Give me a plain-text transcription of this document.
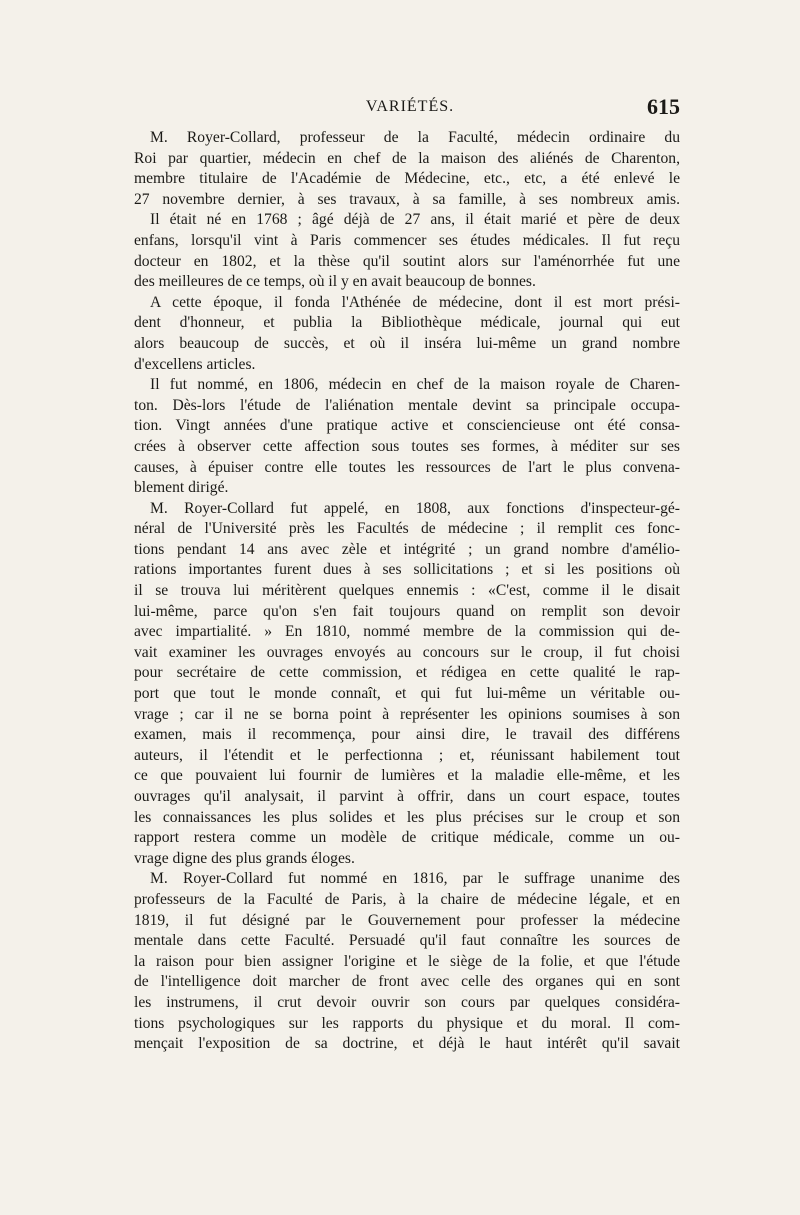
VARIÉTÉS.	615
M. Royer-Collard, professeur de la Faculté, médecin ordinaire du
Roi par quartier, médecin en chef de la maison des aliénés de Charenton,
membre titulaire de l'Académie de Médecine, etc., etc, a été enlevé le
27 novembre dernier, à ses travaux, à sa famille, à ses nombreux amis.
Il était né en 1768 ; âgé déjà de 27 ans, il était marié et père de deux
enfans, lorsqu'il vint à Paris commencer ses études médicales. Il fut reçu
docteur en 1802, et la thèse qu'il soutint alors sur l'aménorrhée fut une
des meilleures de ce temps, où il y en avait beaucoup de bonnes.
A cette époque, il fonda l'Athénée de médecine, dont il est mort prési-
dent d'honneur, et publia la Bibliothèque médicale, journal qui eut
alors beaucoup de succès, et où il inséra lui-même un grand nombre
d'excellens articles.
Il fut nommé, en 1806, médecin en chef de la maison royale de Charen-
ton. Dès-lors l'étude de l'aliénation mentale devint sa principale occupa-
tion. Vingt années d'une pratique active et consciencieuse ont été consa-
crées à observer cette affection sous toutes ses formes, à méditer sur ses
causes, à épuiser contre elle toutes les ressources de l'art le plus convena-
blement dirigé.
M. Royer-Collard fut appelé, en 1808, aux fonctions d'inspecteur-gé-
néral de l'Université près les Facultés de médecine ; il remplit ces fonc-
tions pendant 14 ans avec zèle et intégrité ; un grand nombre d'amélio-
rations importantes furent dues à ses sollicitations ; et si les positions où
il se trouva lui méritèrent quelques ennemis : «C'est, comme il le disait
lui-même, parce qu'on s'en fait toujours quand on remplit son devoir
avec impartialité. » En 1810, nommé membre de la commission qui de-
vait examiner les ouvrages envoyés au concours sur le croup, il fut choisi
pour secrétaire de cette commission, et rédigea en cette qualité le rap-
port que tout le monde connaît, et qui fut lui-même un véritable ou-
vrage ; car il ne se borna point à représenter les opinions soumises à son
examen, mais il recommença, pour ainsi dire, le travail des différens
auteurs, il l'étendit et le perfectionna ; et, réunissant habilement tout
ce que pouvaient lui fournir de lumières et la maladie elle-même, et les
ouvrages qu'il analysait, il parvint à offrir, dans un court espace, toutes
les connaissances les plus solides et les plus précises sur le croup et son
rapport restera comme un modèle de critique médicale, comme un ou-
vrage digne des plus grands éloges.
M. Royer-Collard fut nommé en 1816, par le suffrage unanime des
professeurs de la Faculté de Paris, à la chaire de médecine légale, et en
1819, il fut désigné par le Gouvernement pour professer la médecine
mentale dans cette Faculté. Persuadé qu'il faut connaître les sources de
la raison pour bien assigner l'origine et le siège de la folie, et que l'étude
de l'intelligence doit marcher de front avec celle des organes qui en sont
les instrumens, il crut devoir ouvrir son cours par quelques considéra-
tions psychologiques sur les rapports du physique et du moral. Il com-
mençait l'exposition de sa doctrine, et déjà le haut intérêt qu'il savait
